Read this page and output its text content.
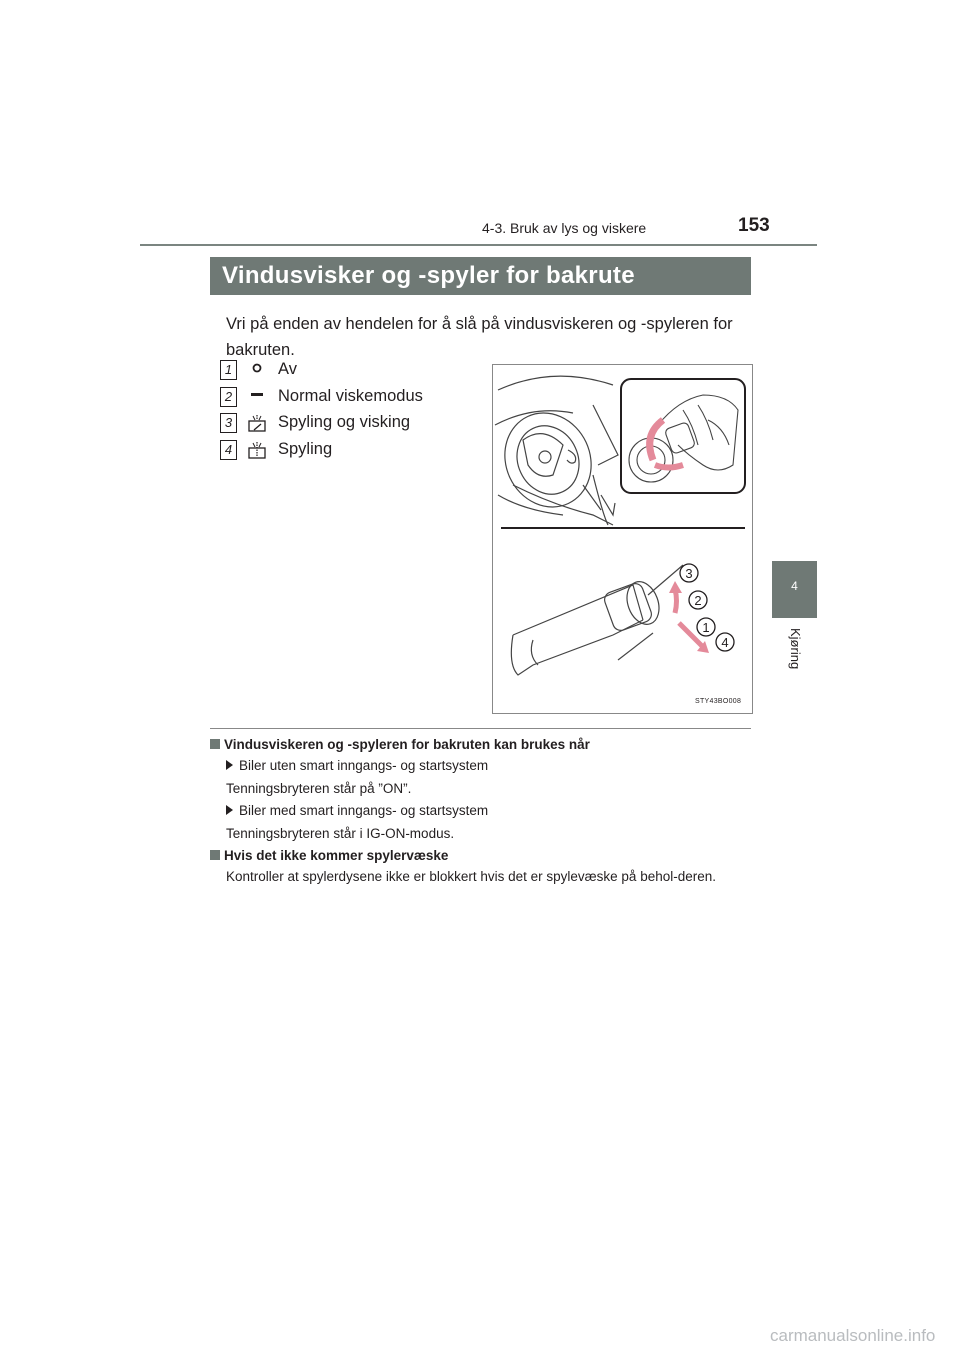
4-3. Bruk av lys og viskere	153
4
Kjøring
Vindusvisker og -spyler for bakrute

Vri på enden av hendelen for å slå på vindusviskeren og -spyleren for bakruten.

1	Av
2	Normal viskemodus
3	Spyling og visking
4	Spyling
3
2
1
4
STY43BO008
Vindusviskeren og -spyleren for bakruten kan brukes når
Biler uten smart inngangs- og startsystem
Tenningsbryteren står på ”ON”.
Biler med smart inngangs- og startsystem
Tenningsbryteren står i IG-ON-modus.
Hvis det ikke kommer spylervæske

Kontroller at spylerdysene ikke er blokkert hvis det er spylevæske på behol-deren.

carmanualsonline.info
